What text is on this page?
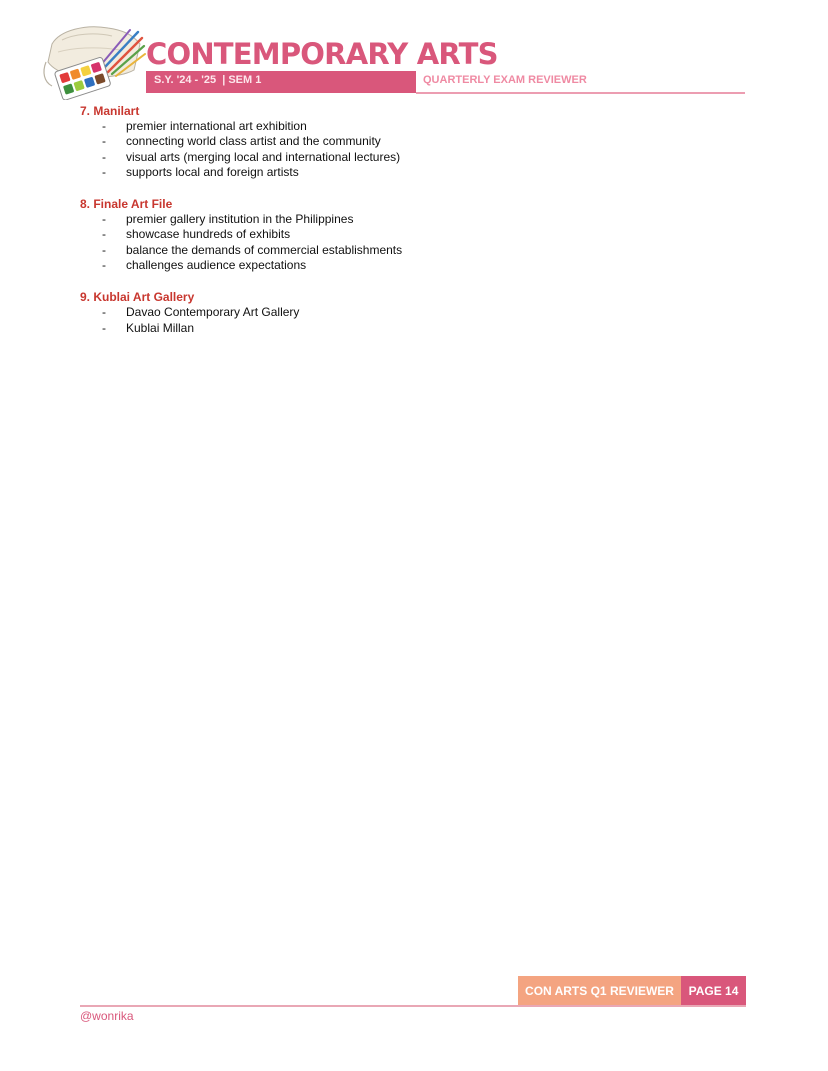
CONTEMPORARY ARTS
S.Y. '24 - '25  | SEM 1	QUARTERLY EXAM REVIEWER
7. Manilart
- premier international art exhibition
- connecting world class artist and the community
- visual arts (merging local and international lectures)
- supports local and foreign artists
8. Finale Art File
- premier gallery institution in the Philippines
- showcase hundreds of exhibits
- balance the demands of commercial establishments
- challenges audience expectations
9. Kublai Art Gallery
- Davao Contemporary Art Gallery
- Kublai Millan
CON ARTS Q1 REVIEWER	PAGE 14
@wonrika
